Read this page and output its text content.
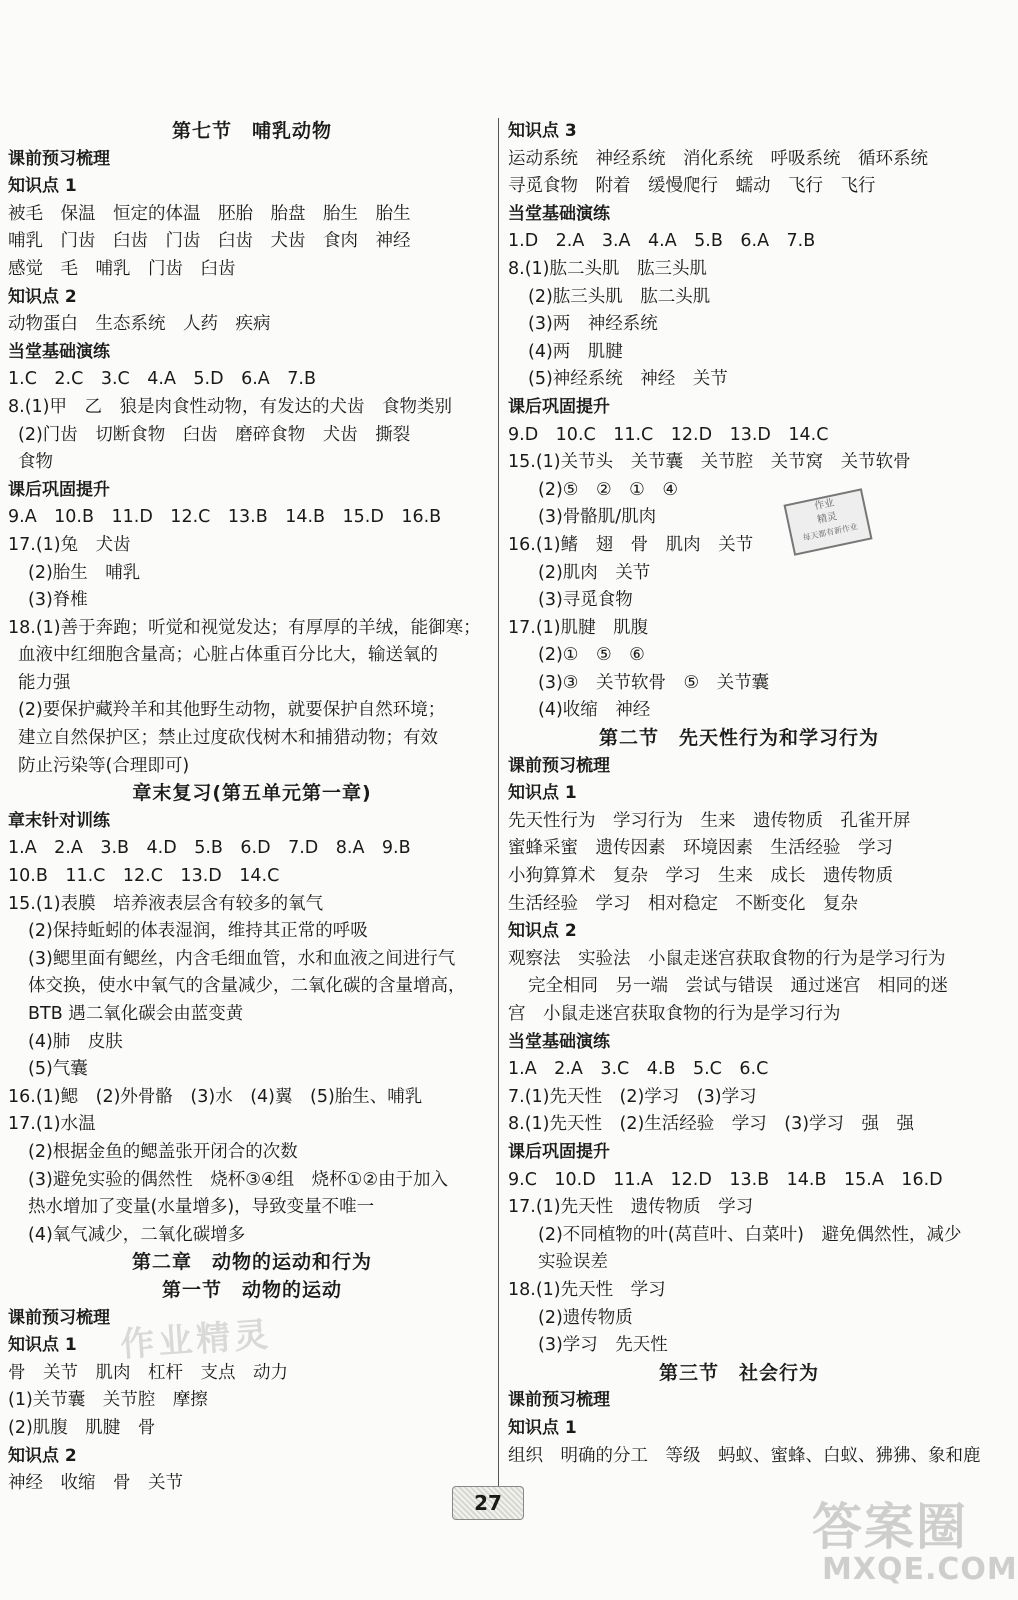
第七节　哺乳动物
课前预习梳理
知识点 1
被毛　保温　恒定的体温　胚胎　胎盘　胎生　胎生
哺乳　门齿　臼齿　门齿　臼齿　犬齿　食肉　神经
感觉　毛　哺乳　门齿　臼齿
知识点 2
动物蛋白　生态系统　人药　疾病
当堂基础演练
1.C　2.C　3.C　4.A　5.D　6.A　7.B
8.(1)甲　乙　狼是肉食性动物，有发达的犬齿　食物类别
(2)门齿　切断食物　臼齿　磨碎食物　犬齿　撕裂
食物
课后巩固提升
9.A　10.B　11.D　12.C　13.B　14.B　15.D　16.B
17.(1)兔　犬齿
(2)胎生　哺乳
(3)脊椎
18.(1)善于奔跑；听觉和视觉发达；有厚厚的羊绒，能御寒；
血液中红细胞含量高；心脏占体重百分比大，输送氧的
能力强
(2)要保护藏羚羊和其他野生动物，就要保护自然环境；
建立自然保护区；禁止过度砍伐树木和捕猎动物；有效
防止污染等(合理即可)
章末复习(第五单元第一章)
章末针对训练
1.A　2.A　3.B　4.D　5.B　6.D　7.D　8.A　9.B
10.B　11.C　12.C　13.D　14.C
15.(1)表膜　培养液表层含有较多的氧气
(2)保持蚯蚓的体表湿润，维持其正常的呼吸
(3)鳃里面有鳃丝，内含毛细血管，水和血液之间进行气
体交换，使水中氧气的含量减少，二氧化碳的含量增高，
BTB 遇二氧化碳会由蓝变黄
(4)肺　皮肤
(5)气囊
16.(1)鳃　(2)外骨骼　(3)水　(4)翼　(5)胎生、哺乳
17.(1)水温
(2)根据金鱼的鳃盖张开闭合的次数
(3)避免实验的偶然性　烧杯③④组　烧杯①②由于加入
热水增加了变量(水量增多)，导致变量不唯一
(4)氧气减少，二氧化碳增多
第二章　动物的运动和行为
第一节　动物的运动
课前预习梳理
知识点 1
骨　关节　肌肉　杠杆　支点　动力
(1)关节囊　关节腔　摩擦
(2)肌腹　肌腱　骨
知识点 2
神经　收缩　骨　关节
知识点 3
运动系统　神经系统　消化系统　呼吸系统　循环系统
寻觅食物　附着　缓慢爬行　蠕动　飞行　飞行
当堂基础演练
1.D　2.A　3.A　4.A　5.B　6.A　7.B
8.(1)肱二头肌　肱三头肌
(2)肱三头肌　肱二头肌
(3)两　神经系统
(4)两　肌腱
(5)神经系统　神经　关节
课后巩固提升
9.D　10.C　11.C　12.D　13.D　14.C
15.(1)关节头　关节囊　关节腔　关节窝　关节软骨
(2)⑤　②　①　④
(3)骨骼肌/肌肉
16.(1)鳍　翅　骨　肌肉　关节
(2)肌肉　关节
(3)寻觅食物
17.(1)肌腱　肌腹
(2)①　⑤　⑥
(3)③　关节软骨　⑤　关节囊
(4)收缩　神经
第二节　先天性行为和学习行为
课前预习梳理
知识点 1
先天性行为　学习行为　生来　遗传物质　孔雀开屏
蜜蜂采蜜　遗传因素　环境因素　生活经验　学习
小狗算算术　复杂　学习　生来　成长　遗传物质
生活经验　学习　相对稳定　不断变化　复杂
知识点 2
观察法　实验法　小鼠走迷宫获取食物的行为是学习行为
完全相同　另一端　尝试与错误　通过迷宫　相同的迷
宫　小鼠走迷宫获取食物的行为是学习行为
当堂基础演练
1.A　2.A　3.C　4.B　5.C　6.C
7.(1)先天性　(2)学习　(3)学习
8.(1)先天性　(2)生活经验　学习　(3)学习　强　强
课后巩固提升
9.C　10.D　11.A　12.D　13.B　14.B　15.A　16.D
17.(1)先天性　遗传物质　学习
(2)不同植物的叶(莴苣叶、白菜叶)　避免偶然性，减少
实验误差
18.(1)先天性　学习
(2)遗传物质
(3)学习　先天性
第三节　社会行为
课前预习梳理
知识点 1
组织　明确的分工　等级　蚂蚁、蜜蜂、白蚁、狒狒、象和鹿
作业
精灵
每天都有新作业
作业精灵
27	答案圈
MXQE.COM
